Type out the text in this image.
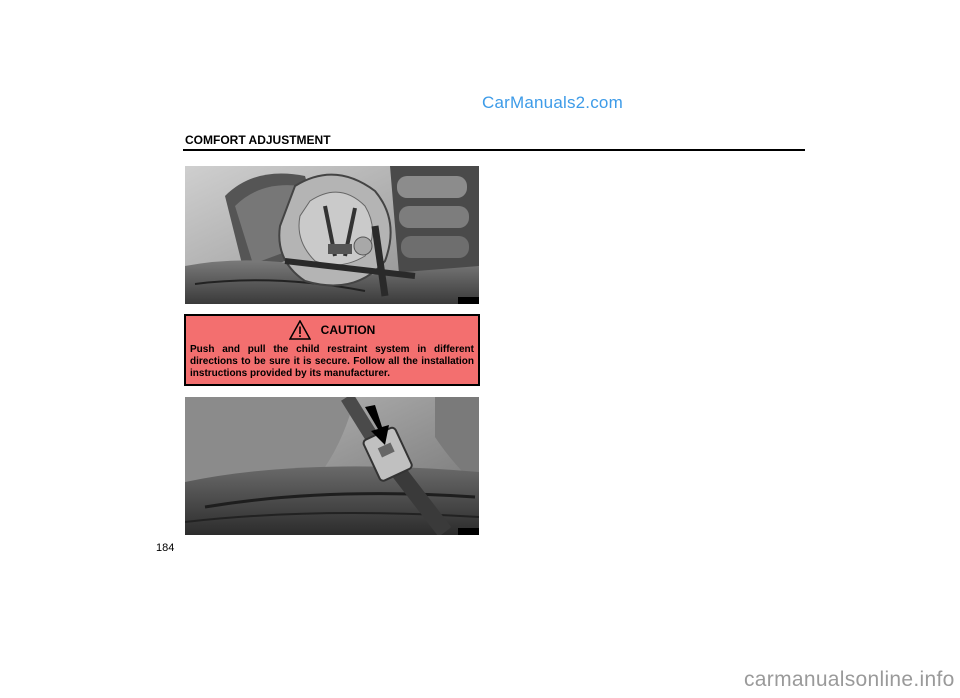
CarManuals2.com
COMFORT ADJUSTMENT
CAUTION
Push and pull the child restraint system in different directions to be sure it is secure. Follow all the installation instructions provided by its manufacturer.
184
carmanualsonline.info
